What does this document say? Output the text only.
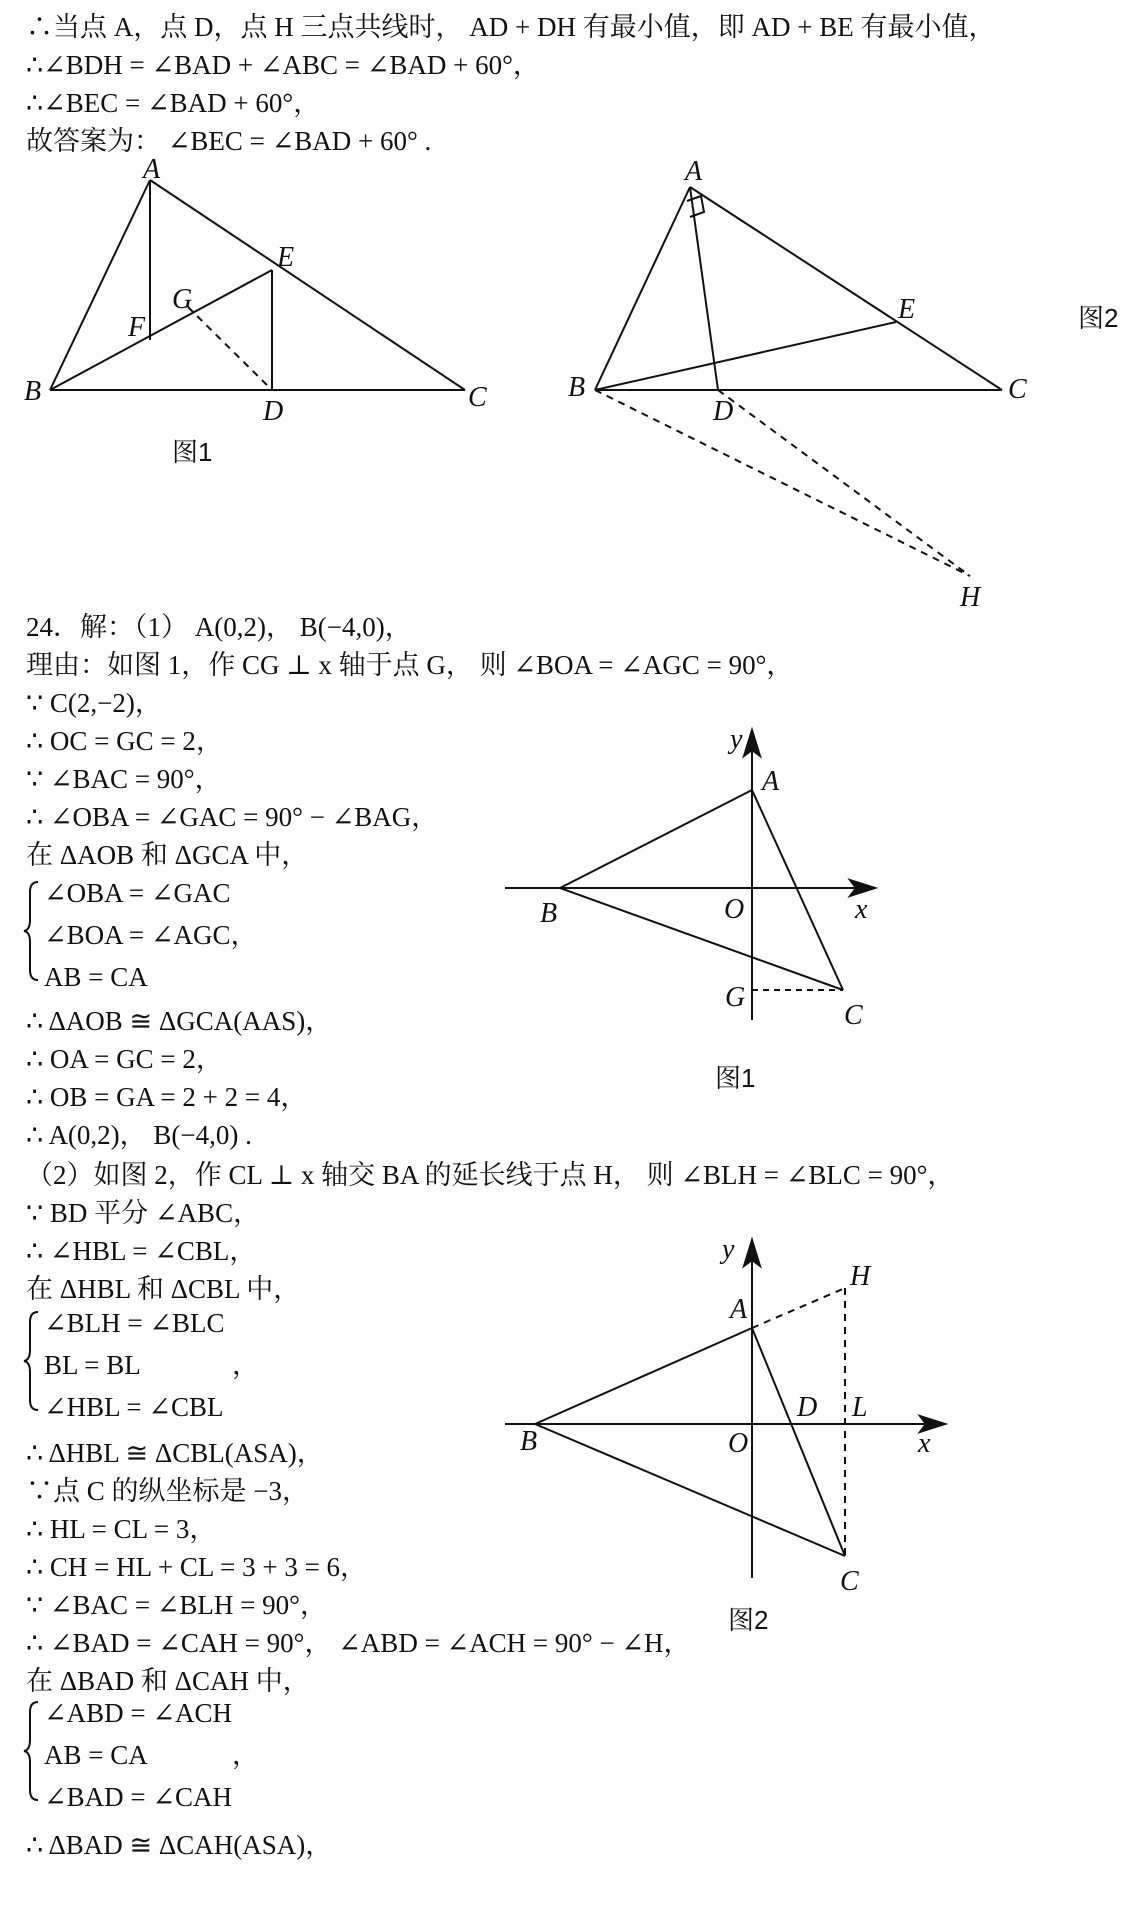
∴当点 A，点 D，点 H 三点共线时， AD + DH 有最小值，即 AD + BE 有最小值，
∴∠BDH = ∠BAD + ∠ABC = ∠BAD + 60°，
∴∠BEC = ∠BAD + 60°，
故答案为： ∠BEC = ∠BAD + 60° .
A
B	C
D
E
F
G
A
B	C
D
E
H
y
A
B	O	x
G
C
y
H
A
D L
B	O	x
C
图1
图2
24．解：（1） A(0,2)， B(−4,0)，
理由：如图 1，作 CG ⊥ x 轴于点 G， 则 ∠BOA = ∠AGC = 90°，
∵ C(2,−2)，
∴ OC = GC = 2，
∵ ∠BAC = 90°，
∴ ∠OBA = ∠GAC = 90° − ∠BAG，
在 ΔAOB 和 ΔGCA 中，
∠OBA = ∠GAC
∠BOA = ∠AGC，
AB = CA
∴ ΔAOB ≅ ΔGCA(AAS)，
∴ OA = GC = 2，
∴ OB = GA = 2 + 2 = 4，
∴ A(0,2)， B(−4,0) .
图1
（2）如图 2，作 CL ⊥ x 轴交 BA 的延长线于点 H， 则 ∠BLH = ∠BLC = 90°，
∵ BD 平分 ∠ABC，
∴ ∠HBL = ∠CBL，
在 ΔHBL 和 ΔCBL 中，
∠BLH = ∠BLC
BL = BL
∠HBL = ∠CBL
，
∴ ΔHBL ≅ ΔCBL(ASA)，
∵点 C 的纵坐标是 −3，
∴ HL = CL = 3，
∴ CH = HL + CL = 3 + 3 = 6，
∵ ∠BAC = ∠BLH = 90°，
∴ ∠BAD = ∠CAH = 90°， ∠ABD = ∠ACH = 90° − ∠H，
在 ΔBAD 和 ΔCAH 中，
图2
∠ABD = ∠ACH
AB = CA
∠BAD = ∠CAH
，
∴ ΔBAD ≅ ΔCAH(ASA)，
